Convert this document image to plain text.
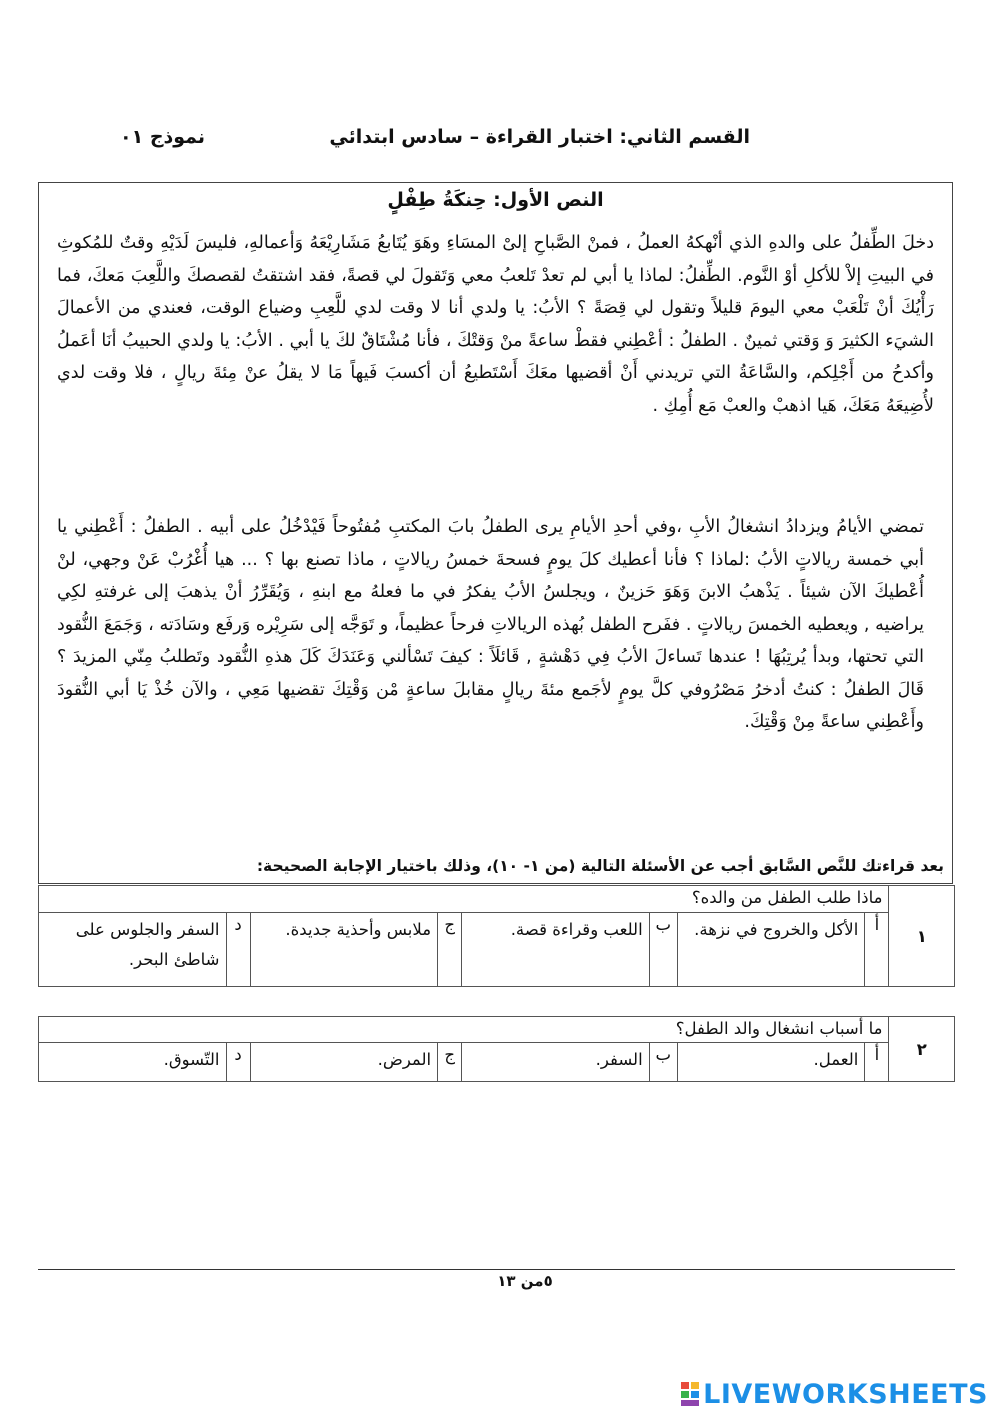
القسم الثاني: اختبار القراءة – سادس ابتدائي
نموذج ٠١
النص الأول: حِنكَةُ طِفْلٍ

دخلَ الطِّفلُ على والدهِ الذي أنْهكهُ العملُ ، فمنْ الصَّباحِ إلىْ المسَاءِ وهَوَ يُتَابعُ مَشَارِيْعَهُ وَأعمالهِ، فليسَ لَدَيْهِ وقتٌ للمُكوثِ في البيتِ إلاْ للأكلِ أوْ النَّوم. الطِّفلُ: لماذا يا أبي لم تعدْ تَلعبُ معي وَتَقولَ لي قصةً، فقد اشتقتُ لقصصكَ واللَّعِبَ مَعكَ، فما رَأْيُكَ أنْ تَلْعَبْ معي اليومَ قليلاً وتقول لي قِصَةً ؟ الأبُ: يا ولدي أنا لا وقت لدي للَّعِبِ وضياع الوقت، فعندي من الأعمالَ الشيَء الكثيرَ وَ وَقتي ثمينٌ . الطفلُ : أعْطِني فقطْ ساعةً منْ وَقتْكَ ، فأنا مُشْتَاقٌ لكَ يا أبي . الأبُ: يا ولدي الحبيبُ أنَا أعَملُ وأكدحُ من أَجْلِكم، والسَّاعَةُ التي تريدني أَنْ أقضيها معَكَ أَسْتَطيعُ أن أكسبَ فَيهاً مَا لا يقلُ عنْ مِئةَ ريالٍ ، فلا وقت لدي لأُضِيعَهُ مَعَكَ، هَيا اذهبْ والعبْ مَع أُمِكِ .

تمضي الأيامُ ويزدادُ انشغالُ الأبِ ،وفي أحدِ الأيامِ يرى الطفلُ بابَ المكتبِ مُفتُوحاً فَيْدْخُلُ على أبيه . الطفلُ : أَعْطِني يا أبي خمسة ريالاتٍ الأبُ :لماذا ؟ فأنا أعطيك كلَ يومٍ فسحةَ خمسُ ريالاتٍ ، ماذا تصنع بها ؟ ... هيا أُغْرُبْ عَنْ وجهي، لنْ أُعْطيكَ الآن شيئاً . يَذْهبُ الابنَ وَهَوَ حَزينٌ ، ويجلسُ الأبُ يفكرُ في ما فعلهُ مع ابنهِ ، وَيُقَرِّرُ أنْ يذهبَ إلى غرفتهِ لكِي يراضيه , ويعطيه الخمسَ ريالاتٍ . ففَرح الطفل بُهذه الريالاتِ فرحاً عظيماً، و تَوَجَّه إلى سَرِيْره وَرفَع وسَادَته ، وَجَمَعَ النُّقود التي تحتها، وبدأ يُرتِبُهَا ! عندها تَساءلَ الأبُ فِي دَهْشةٍ , قَائلَاً : كيفَ تَسْألني وَعَنَدَكَ كَلَ هذهِ النُّقود وتَطلبُ مِنّي المزيدَ ؟ قَالَ الطفلُ : كنتُ أدخرُ مَصْرُوفي كلَّ يومٍ لأجَمع مئةَ ريالٍ مقابلَ ساعةٍ مْن وَقْتِكَ تقضيها مَعِي ، والآن خُذْ يَا أبي النُّقودَ وأَعْطِني ساعةً مِنْ وَقْتِكَ.

بعد قراءتك للنَّص السَّابق أجب عن الأسئلة التالية (من ١- ١٠)، وذلك باختيار الإجابة الصحيحة:

١	ماذا طلب الطفل من والده؟							
	أ	الأكل والخروج في نزهة.	ب	اللعب وقراءة قصة.	ج	ملابس وأحذية جديدة.	د	السفر والجلوس على شاطئ البحر.
٢	ما أسباب انشغال والد الطفل؟							
	أ	العمل.	ب	السفر.	ج	المرض.	د	التّسوق.
٥من ١٣
LIVEWORKSHEETS
